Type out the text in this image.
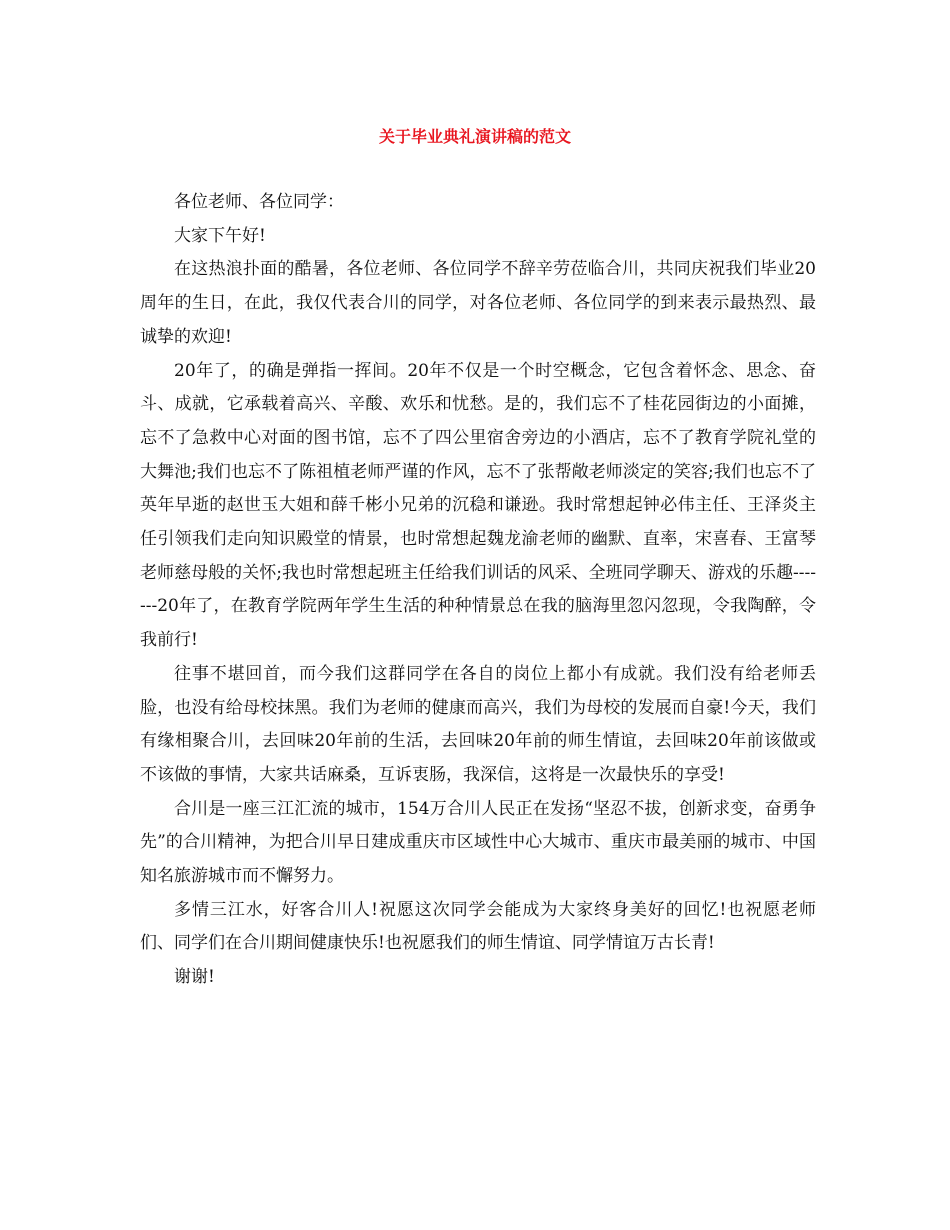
关于毕业典礼演讲稿的范文

各位老师、各位同学：

大家下午好!

在这热浪扑面的酷暑，各位老师、各位同学不辞辛劳莅临合川，共同庆祝我们毕业20周年的生日，在此，我仅代表合川的同学，对各位老师、各位同学的到来表示最热烈、最诚挚的欢迎!

20年了，的确是弹指一挥间。20年不仅是一个时空概念，它包含着怀念、思念、奋斗、成就，它承载着高兴、辛酸、欢乐和忧愁。是的，我们忘不了桂花园街边的小面摊，忘不了急救中心对面的图书馆，忘不了四公里宿舍旁边的小酒店，忘不了教育学院礼堂的大舞池;我们也忘不了陈祖植老师严谨的作风，忘不了张帮敞老师淡定的笑容;我们也忘不了英年早逝的赵世玉大姐和薛千彬小兄弟的沉稳和谦逊。我时常想起钟必伟主任、王泽炎主任引领我们走向知识殿堂的情景，也时常想起魏龙渝老师的幽默、直率，宋喜春、王富琴老师慈母般的关怀;我也时常想起班主任给我们训话的风采、全班同学聊天、游戏的乐趣-------20年了，在教育学院两年学生生活的种种情景总在我的脑海里忽闪忽现，令我陶醉，令我前行!

往事不堪回首，而今我们这群同学在各自的岗位上都小有成就。我们没有给老师丢脸，也没有给母校抹黑。我们为老师的健康而高兴，我们为母校的发展而自豪!今天，我们有缘相聚合川，去回味20年前的生活，去回味20年前的师生情谊，去回味20年前该做或不该做的事情，大家共话麻桑，互诉衷肠，我深信，这将是一次最快乐的享受!

合川是一座三江汇流的城市，154万合川人民正在发扬“坚忍不拔，创新求变，奋勇争先”的合川精神，为把合川早日建成重庆市区域性中心大城市、重庆市最美丽的城市、中国知名旅游城市而不懈努力。

多情三江水，好客合川人!祝愿这次同学会能成为大家终身美好的回忆!也祝愿老师们、同学们在合川期间健康快乐!也祝愿我们的师生情谊、同学情谊万古长青!

谢谢!
